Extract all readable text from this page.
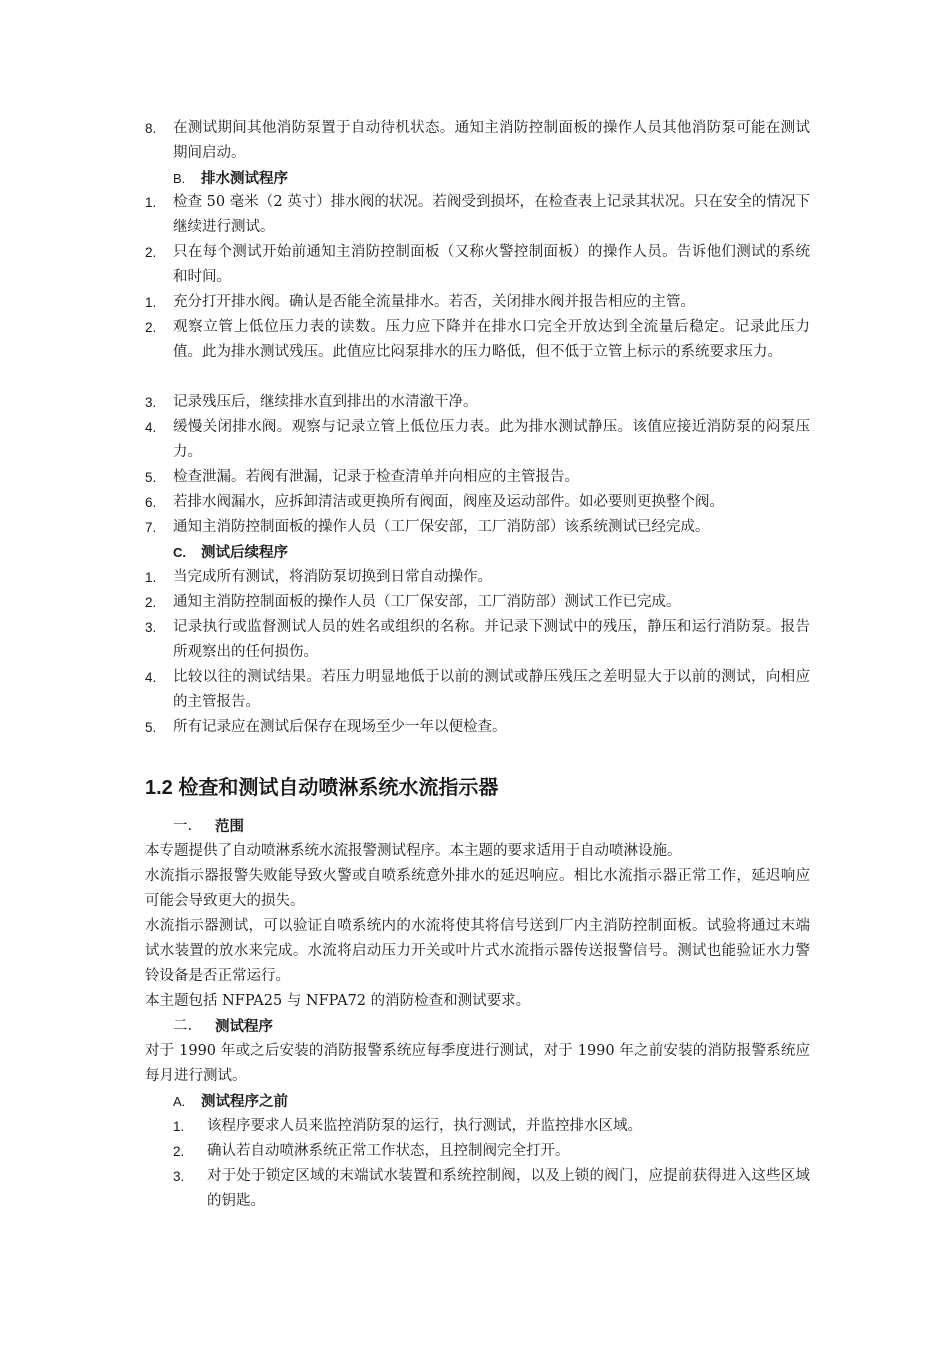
8.	在测试期间其他消防泵置于自动待机状态。通知主消防控制面板的操作人员其他消防泵可能在测试期间启动。
B.	排水测试程序
1.	检查 50 毫米（2 英寸）排水阀的状况。若阀受到损坏，在检查表上记录其状况。只在安全的情况下继续进行测试。
2.	只在每个测试开始前通知主消防控制面板（又称火警控制面板）的操作人员。告诉他们测试的系统和时间。
1.	充分打开排水阀。确认是否能全流量排水。若否，关闭排水阀并报告相应的主管。
2.	观察立管上低位压力表的读数。压力应下降并在排水口完全开放达到全流量后稳定。记录此压力值。此为排水测试残压。此值应比闷泵排水的压力略低，但不低于立管上标示的系统要求压力。
3.	记录残压后，继续排水直到排出的水清澈干净。
4.	缓慢关闭排水阀。观察与记录立管上低位压力表。此为排水测试静压。该值应接近消防泵的闷泵压力。
5.	检查泄漏。若阀有泄漏，记录于检查清单并向相应的主管报告。
6.	若排水阀漏水，应拆卸清洁或更换所有阀面，阀座及运动部件。如必要则更换整个阀。
7.	通知主消防控制面板的操作人员（工厂保安部，工厂消防部）该系统测试已经完成。
C.	测试后续程序
1.	当完成所有测试，将消防泵切换到日常自动操作。
2.	通知主消防控制面板的操作人员（工厂保安部，工厂消防部）测试工作已完成。
3.	记录执行或监督测试人员的姓名或组织的名称。并记录下测试中的残压，静压和运行消防泵。报告所观察出的任何损伤。
4.	比较以往的测试结果。若压力明显地低于以前的测试或静压残压之差明显大于以前的测试，向相应的主管报告。
5.	所有记录应在测试后保存在现场至少一年以便检查。
1.2 检查和测试自动喷淋系统水流指示器
一.	范围
本专题提供了自动喷淋系统水流报警测试程序。本主题的要求适用于自动喷淋设施。
水流指示器报警失败能导致火警或自喷系统意外排水的延迟响应。相比水流指示器正常工作，延迟响应可能会导致更大的损失。
水流指示器测试，可以验证自喷系统内的水流将使其将信号送到厂内主消防控制面板。试验将通过末端试水装置的放水来完成。水流将启动压力开关或叶片式水流指示器传送报警信号。测试也能验证水力警铃设备是否正常运行。
本主题包括 NFPA25 与 NFPA72 的消防检查和测试要求。
二.	测试程序
对于 1990 年或之后安装的消防报警系统应每季度进行测试，对于 1990 年之前安装的消防报警系统应每月进行测试。
A.	测试程序之前
1.	该程序要求人员来监控消防泵的运行，执行测试，并监控排水区域。
2.	确认若自动喷淋系统正常工作状态，且控制阀完全打开。
3.	对于处于锁定区域的末端试水装置和系统控制阀，以及上锁的阀门，应提前获得进入这些区域的钥匙。
